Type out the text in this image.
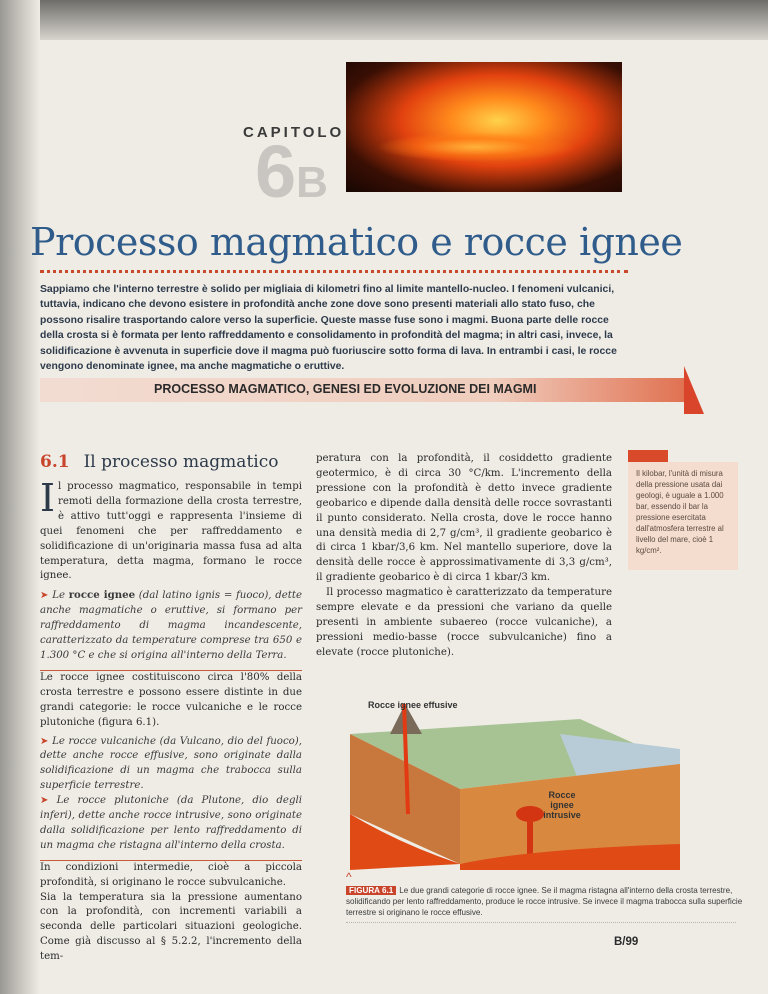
CAPITOLO
6B
Processo magmatico e rocce ignee
Sappiamo che l'interno terrestre è solido per migliaia di kilometri fino al limite mantello-nucleo. I fenomeni vulcanici, tuttavia, indicano che devono esistere in profondità anche zone dove sono presenti materiali allo stato fuso, che possono risalire trasportando calore verso la superficie. Queste masse fuse sono i magmi. Buona parte delle rocce della crosta si è formata per lento raffreddamento e consolidamento in profondità del magma; in altri casi, invece, la solidificazione è avvenuta in superficie dove il magma può fuoriuscire sotto forma di lava. In entrambi i casi, le rocce vengono denominate ignee, ma anche magmatiche o eruttive.
PROCESSO MAGMATICO, GENESI ED EVOLUZIONE DEI MAGMI
6.1 Il processo magmatico

Il processo magmatico, responsabile in tempi remoti della formazione della crosta terrestre, è attivo tutt'oggi e rappresenta l'insieme di quei fenomeni che per raffreddamento e solidificazione di un'originaria massa fusa ad alta temperatura, detta magma, formano le rocce ignee.

➤ Le rocce ignee (dal latino ignis = fuoco), dette anche magmatiche o eruttive, si formano per raffreddamento di magma incandescente, caratterizzato da temperature comprese tra 650 e 1.300 °C e che si origina all'interno della Terra.

Le rocce ignee costituiscono circa l'80% della crosta terrestre e possono essere distinte in due grandi categorie: le rocce vulcaniche e le rocce plutoniche (figura 6.1).

➤ Le rocce vulcaniche (da Vulcano, dio del fuoco), dette anche rocce effusive, sono originate dalla solidificazione di un magma che trabocca sulla superficie terrestre.
➤ Le rocce plutoniche (da Plutone, dio degli inferi), dette anche rocce intrusive, sono originate dalla solidificazione per lento raffreddamento di un magma che ristagna all'interno della crosta.

In condizioni intermedie, cioè a piccola profondità, si originano le rocce subvulcaniche.

Sia la temperatura sia la pressione aumentano con la profondità, con incrementi variabili a seconda delle particolari situazioni geologiche. Come già discusso al § 5.2.2, l'incremento della tem-

peratura con la profondità, il cosiddetto gradiente geotermico, è di circa 30 °C/km. L'incremento della pressione con la profondità è detto invece gradiente geobarico e dipende dalla densità delle rocce sovrastanti il punto considerato. Nella crosta, dove le rocce hanno una densità media di 2,7 g/cm³, il gradiente geobarico è di circa 1 kbar/3,6 km. Nel mantello superiore, dove la densità delle rocce è approssimativamente di 3,3 g/cm³, il gradiente geobarico è di circa 1 kbar/3 km.

Il processo magmatico è caratterizzato da temperature sempre elevate e da pressioni che variano da quelle presenti in ambiente subaereo (rocce vulcaniche), a pressioni medio-basse (rocce subvulcaniche) fino a elevate (rocce plutoniche).

Il kilobar, l'unità di misura della pressione usata dai geologi, è uguale a 1.000 bar, essendo il bar la pressione esercitata dall'atmosfera terrestre al livello del mare, cioè 1 kg/cm².
Rocce ignee effusive
Rocce ignee intrusive
^
FIGURA 6.1 Le due grandi categorie di rocce ignee. Se il magma ristagna all'interno della crosta terrestre, solidificando per lento raffreddamento, produce le rocce intrusive. Se invece il magma trabocca sulla superficie terrestre si originano le rocce effusive.
B/99
